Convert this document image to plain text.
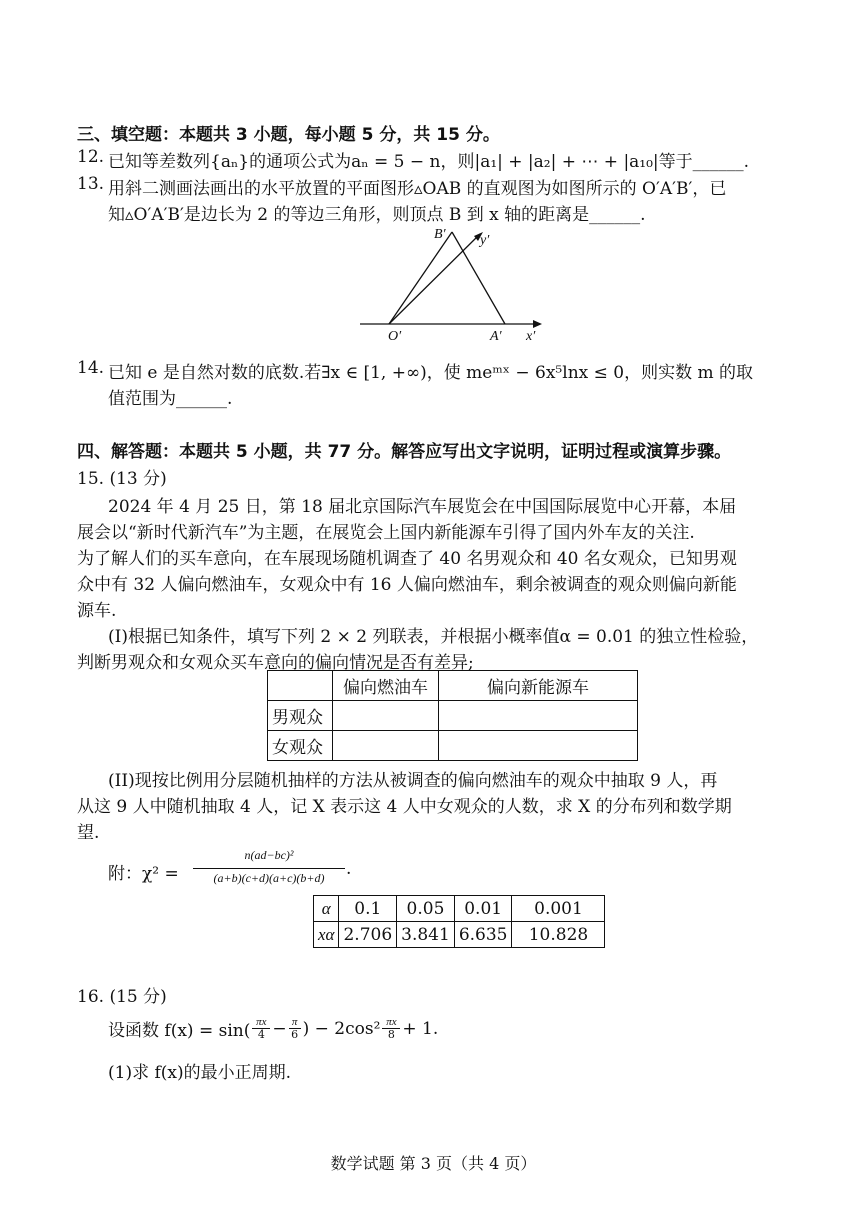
三、填空题：本题共 3 小题，每小题 5 分，共 15 分。
12. 已知等差数列{aₙ}的通项公式为aₙ = 5 − n，则|a₁| + |a₂| + ⋯ + |a₁₀|等于______.
13. 用斜二测画法画出的水平放置的平面图形▵OAB 的直观图为如图所示的 O′A′B′，已
知▵O′A′B′是边长为 2 的等边三角形，则顶点 B 到 x 轴的距离是______.
B′ y′
O′	A′ x′
14. 已知 e 是自然对数的底数.若∃x ∈ [1, +∞)，使 meᵐˣ − 6x⁵lnx ≤ 0，则实数 m 的取
值范围为______.
四、解答题：本题共 5 小题，共 77 分。解答应写出文字说明，证明过程或演算步骤。
15. (13 分)
2024 年 4 月 25 日，第 18 届北京国际汽车展览会在中国国际展览中心开幕，本届
展会以“新时代新汽车”为主题，在展览会上国内新能源车引得了国内外车友的关注.
为了解人们的买车意向，在车展现场随机调查了 40 名男观众和 40 名女观众，已知男观
众中有 32 人偏向燃油车，女观众中有 16 人偏向燃油车，剩余被调查的观众则偏向新能
源车.
(I)根据已知条件，填写下列 2 × 2 列联表，并根据小概率值α = 0.01 的独立性检验，
判断男观众和女观众买车意向的偏向情况是否有差异;
	偏向燃油车	偏向新能源车
男观众		
女观众		
(II)现按比例用分层随机抽样的方法从被调查的偏向燃油车的观众中抽取 9 人，再
从这 9 人中随机抽取 4 人，记 X 表示这 4 人中女观众的人数，求 X 的分布列和数学期
望.
附：χ² =
n(ad−bc)²
(a+b)(c+d)(a+c)(b+d)	.
α	0.1	0.05	0.01	0.001
xα	2.706	3.841	6.635	10.828
16. (15 分)
设函数 f(x) = sin( πx
$4 - \frac{\pi}{6}$ ) − 2cos² πx
8 + 1.
(1)求 f(x)的最小正周期.
数学试题 第 3 页（共 4 页）
